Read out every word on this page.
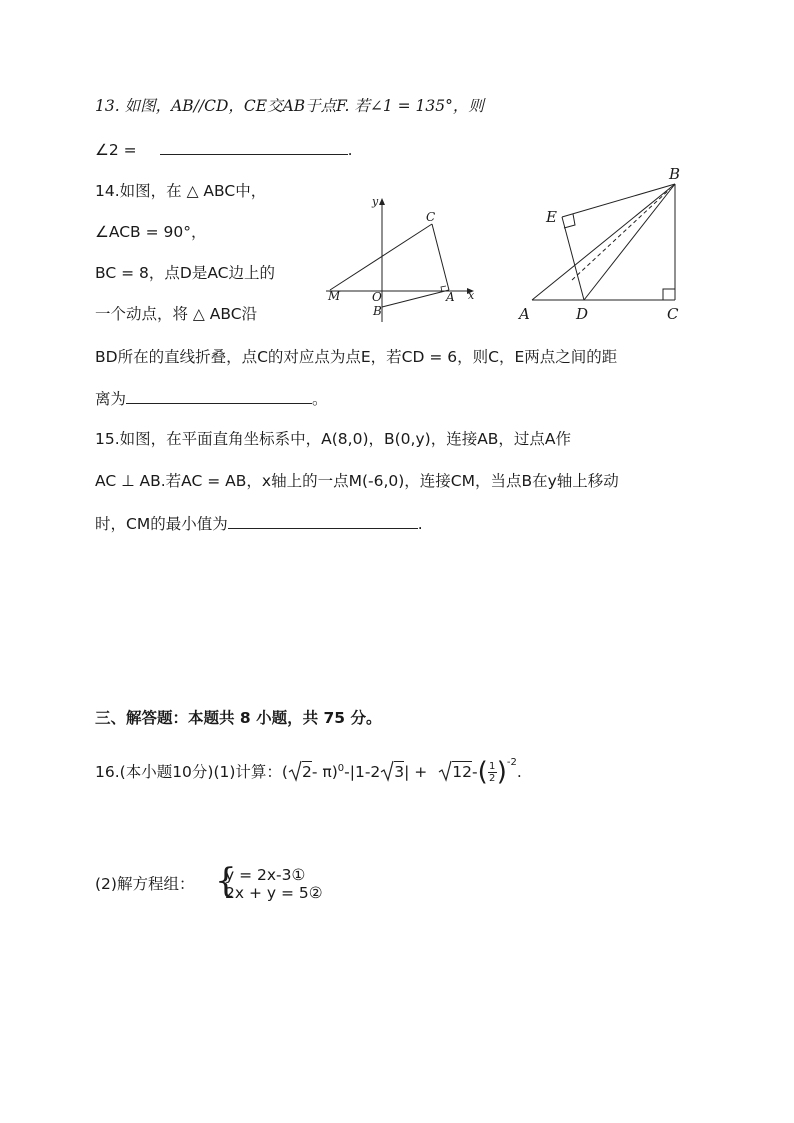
13. 如图，AB//CD，CE交AB于点F. 若∠1 = 135°，则
∠2 =	.
14.如图，在 △ ABC中，
∠ACB = 90°，
BC = 8，点D是AC边上的
一个动点，将 △ ABC沿
y
x
C
M	O	A
B
B
E
A	D	C
BD所在的直线折叠，点C的对应点为点E，若CD = 6，则C，E两点之间的距
离为	。
15.如图，在平面直角坐标系中，A(8,0)，B(0,y)，连接AB，过点A作
AC ⊥ AB.若AC = AB，x轴上的一点M(-6,0)，连接CM，当点B在y轴上移动
时，CM的最小值为	.
三、解答题：本题共 8 小题，共 75 分。
16.(本小题10分)(1)计算：( 2- π)$^0$-|1-2 $3| + 12-( \frac{1}{2} )^{-2}$.
(2)解方程组： {
y = 2x-3①
2x + y = 5②
